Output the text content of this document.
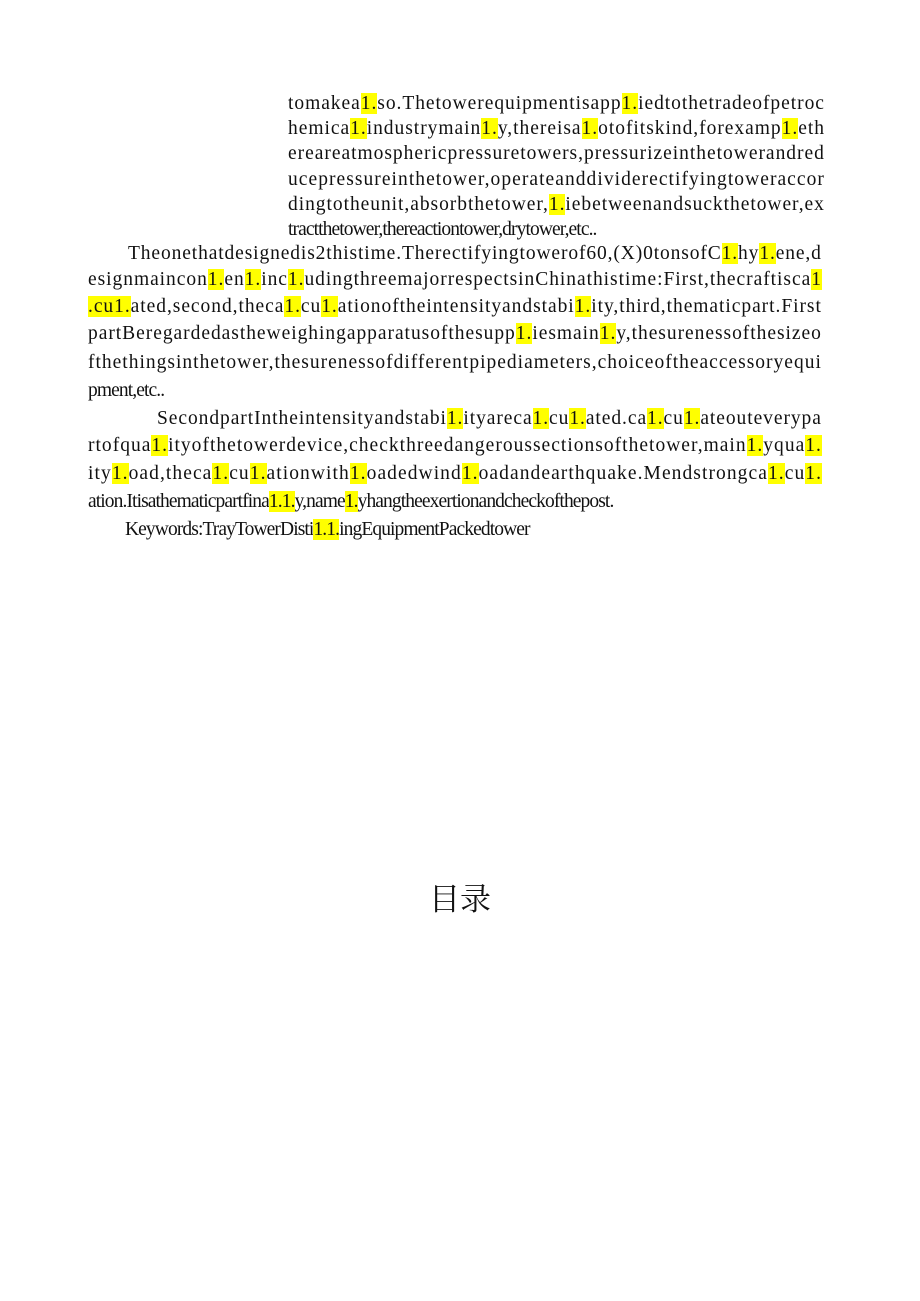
tomakea1.so.Thetowerequipmentisapp1.iedtothetradeofpetroc
hemica1.industrymain1.y,thereisa1.otofitskind,forexamp1.eth
ereareatmosphericpressuretowers,pressurizeinthetowerandred
ucepressureinthetower,operateanddividerectifyingtoweraccor
dingtotheunit,absorbthetower,1.iebetweenandsuckthetower,ex
tractthetower,thereactiontower,drytower,etc..
Theonethatdesignedis2thistime.Therectifyingtowerof60,(X)0tonsofC1.hy1.ene,d
esignmaincon1.en1.inc1.udingthreemajorrespectsinChinathistime:First,thecraftisca1
.cu1.ated,second,theca1.cu1.ationoftheintensityandstabi1.ity,third,thematicpart.First
partBeregardedastheweighingapparatusofthesupp1.iesmain1.y,thesurenessofthesizeo
fthethingsinthetower,thesurenessofdifferentpipediameters,choiceoftheaccessoryequi
pment,etc..
SecondpartIntheintensityandstabi1.ityareca1.cu1.ated.ca1.cu1.ateouteverypa
rtofqua1.ityofthetowerdevice,checkthreedangeroussectionsofthetower,main1.yqua1.
ity1.oad,theca1.cu1.ationwith1.oadedwind1.oadandearthquake.Mendstrongca1.cu1.
ation.Itisathematicpartfina1.1.y,name1.yhangtheexertionandcheckofthepost.
Keywords:TrayTowerDisti1.1.ingEquipmentPackedtower
目录
